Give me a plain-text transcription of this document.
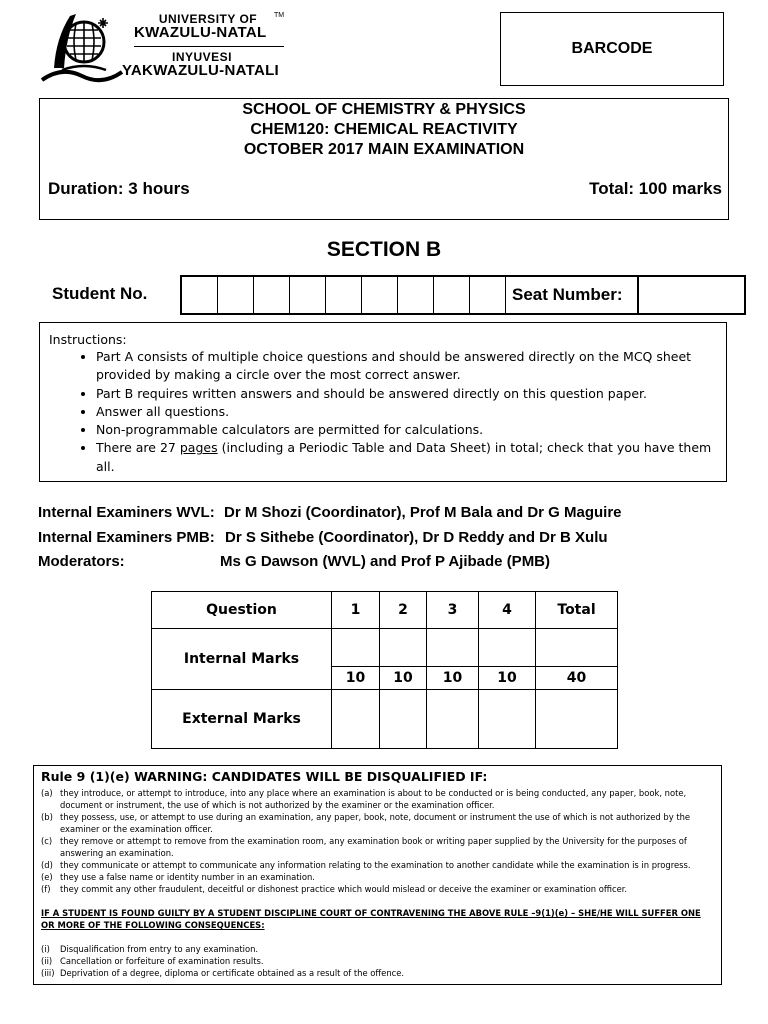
UNIVERSITY OF	TM
KWAZULU-NATAL
INYUVESI
YAKWAZULU-NATALI
BARCODE
SCHOOL OF CHEMISTRY & PHYSICS
CHEM120: CHEMICAL REACTIVITY
OCTOBER 2017 MAIN EXAMINATION
Duration: 3 hours	Total: 100 marks
SECTION B
Student No.	Seat Number:
Instructions:
• Part A consists of multiple choice questions and should be answered directly on the MCQ sheet provided by making a circle over the most correct answer.
• Part B requires written answers and should be answered directly on this question paper.
• Answer all questions.
• Non-programmable calculators are permitted for calculations.
• There are 27 pages (including a Periodic Table and Data Sheet) in total; check that you have them all.
Internal Examiners WVL: Dr M Shozi (Coordinator), Prof M Bala and Dr G Maguire
Internal Examiners PMB: Dr S Sithebe (Coordinator), Dr D Reddy and Dr B Xulu
Moderators:	Ms G Dawson (WVL) and Prof P Ajibade (PMB)
Question	1	2	3	4	Total
Internal Marks					
	10	10	10	10	40
External Marks					
Rule 9 (1)(e) WARNING: CANDIDATES WILL BE DISQUALIFIED IF:
(a) they introduce, or attempt to introduce, into any place where an examination is about to be conducted or is being conducted, any paper, book, note, document or instrument, the use of which is not authorized by the examiner or the examination officer.
(b) they possess, use, or attempt to use during an examination, any paper, book, note, document or instrument the use of which is not authorized by the examiner or the examination officer.
(c) they remove or attempt to remove from the examination room, any examination book or writing paper supplied by the University for the purposes of answering an examination.
(d) they communicate or attempt to communicate any information relating to the examination to another candidate while the examination is in progress.
(e) they use a false name or identity number in an examination.
(f) they commit any other fraudulent, deceitful or dishonest practice which would mislead or deceive the examiner or examination officer.
IF A STUDENT IS FOUND GUILTY BY A STUDENT DISCIPLINE COURT OF CONTRAVENING THE ABOVE RULE –9(1)(e) – SHE/HE WILL SUFFER ONE OR MORE OF THE FOLLOWING CONSEQUENCES:
(i) Disqualification from entry to any examination.
(ii) Cancellation or forfeiture of examination results.
(iii) Deprivation of a degree, diploma or certificate obtained as a result of the offence.
